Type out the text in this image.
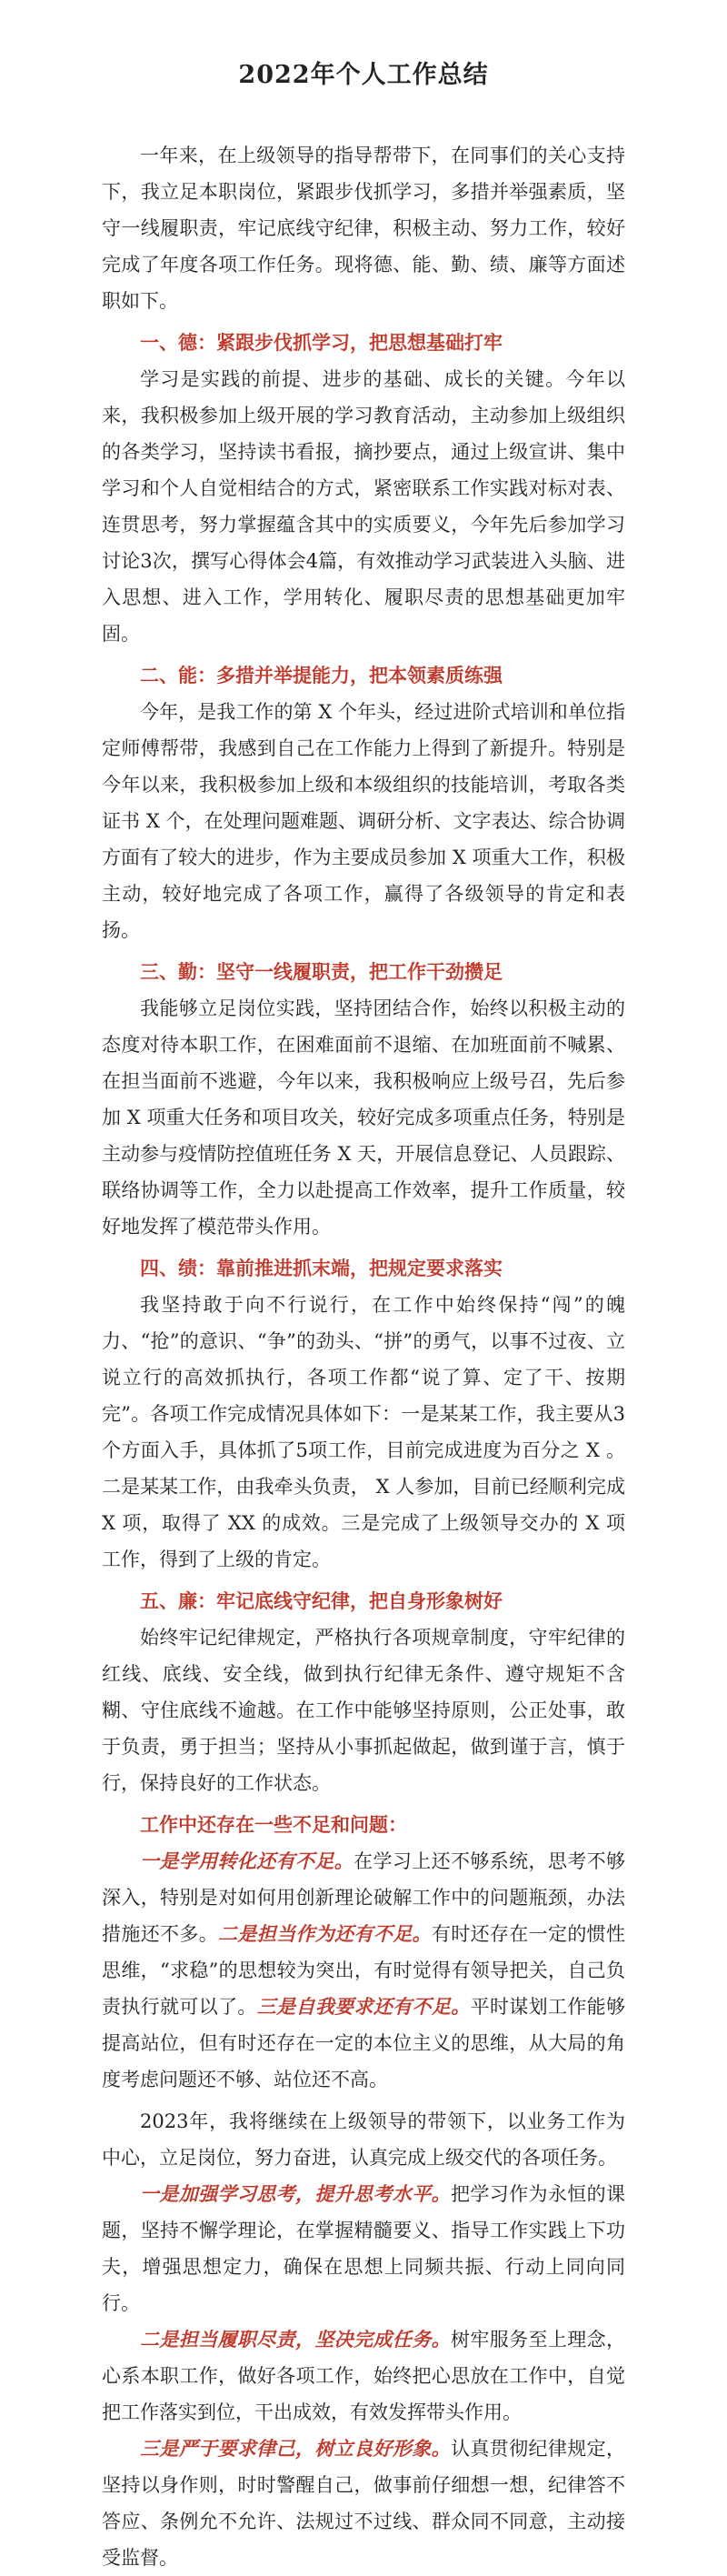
2022年个人工作总结

一年来，在上级领导的指导帮带下，在同事们的关心支持下，我立足本职岗位，紧跟步伐抓学习，多措并举强素质，坚守一线履职责，牢记底线守纪律，积极主动、努力工作，较好完成了年度各项工作任务。现将德、能、勤、绩、廉等方面述职如下。

一、德：紧跟步伐抓学习，把思想基础打牢

学习是实践的前提、进步的基础、成长的关键。今年以来，我积极参加上级开展的学习教育活动，主动参加上级组织的各类学习，坚持读书看报，摘抄要点，通过上级宣讲、集中学习和个人自觉相结合的方式，紧密联系工作实践对标对表、连贯思考，努力掌握蕴含其中的实质要义，今年先后参加学习讨论3次，撰写心得体会4篇，有效推动学习武装进入头脑、进入思想、进入工作，学用转化、履职尽责的思想基础更加牢固。

二、能：多措并举提能力，把本领素质练强

今年，是我工作的第 X 个年头，经过进阶式培训和单位指定师傅帮带，我感到自己在工作能力上得到了新提升。特别是今年以来，我积极参加上级和本级组织的技能培训，考取各类证书 X 个，在处理问题难题、调研分析、文字表达、综合协调方面有了较大的进步，作为主要成员参加 X 项重大工作，积极主动，较好地完成了各项工作，赢得了各级领导的肯定和表扬。

三、勤：坚守一线履职责，把工作干劲攒足

我能够立足岗位实践，坚持团结合作，始终以积极主动的态度对待本职工作，在困难面前不退缩、在加班面前不喊累、在担当面前不逃避，今年以来，我积极响应上级号召，先后参加 X 项重大任务和项目攻关，较好完成多项重点任务，特别是主动参与疫情防控值班任务 X 天，开展信息登记、人员跟踪、联络协调等工作，全力以赴提高工作效率，提升工作质量，较好地发挥了模范带头作用。

四、绩：靠前推进抓末端，把规定要求落实

我坚持敢于向不行说行，在工作中始终保持“闯”的魄力、“抢”的意识、“争”的劲头、“拼”的勇气，以事不过夜、立说立行的高效抓执行，各项工作都“说了算、定了干、按期完”。各项工作完成情况具体如下：一是某某工作，我主要从3个方面入手，具体抓了5项工作，目前完成进度为百分之 X 。二是某某工作，由我牵头负责， X 人参加，目前已经顺利完成 X 项，取得了 XX 的成效。三是完成了上级领导交办的 X 项工作，得到了上级的肯定。

五、廉：牢记底线守纪律，把自身形象树好

始终牢记纪律规定，严格执行各项规章制度，守牢纪律的红线、底线、安全线，做到执行纪律无条件、遵守规矩不含糊、守住底线不逾越。在工作中能够坚持原则，公正处事，敢于负责，勇于担当；坚持从小事抓起做起，做到谨于言，慎于行，保持良好的工作状态。

工作中还存在一些不足和问题：

一是学用转化还有不足。在学习上还不够系统，思考不够深入，特别是对如何用创新理论破解工作中的问题瓶颈，办法措施还不多。二是担当作为还有不足。有时还存在一定的惯性思维，“求稳”的思想较为突出，有时觉得有领导把关，自己负责执行就可以了。三是自我要求还有不足。平时谋划工作能够提高站位，但有时还存在一定的本位主义的思维，从大局的角度考虑问题还不够、站位还不高。

2023年，我将继续在上级领导的带领下，以业务工作为中心，立足岗位，努力奋进，认真完成上级交代的各项任务。

一是加强学习思考，提升思考水平。把学习作为永恒的课题，坚持不懈学理论，在掌握精髓要义、指导工作实践上下功夫，增强思想定力，确保在思想上同频共振、行动上同向同行。

二是担当履职尽责，坚决完成任务。树牢服务至上理念，心系本职工作，做好各项工作，始终把心思放在工作中，自觉把工作落实到位，干出成效，有效发挥带头作用。

三是严于要求律己，树立良好形象。认真贯彻纪律规定，坚持以身作则，时时警醒自己，做事前仔细想一想，纪律答不答应、条例允不允许、法规过不过线、群众同不同意，主动接受监督。
